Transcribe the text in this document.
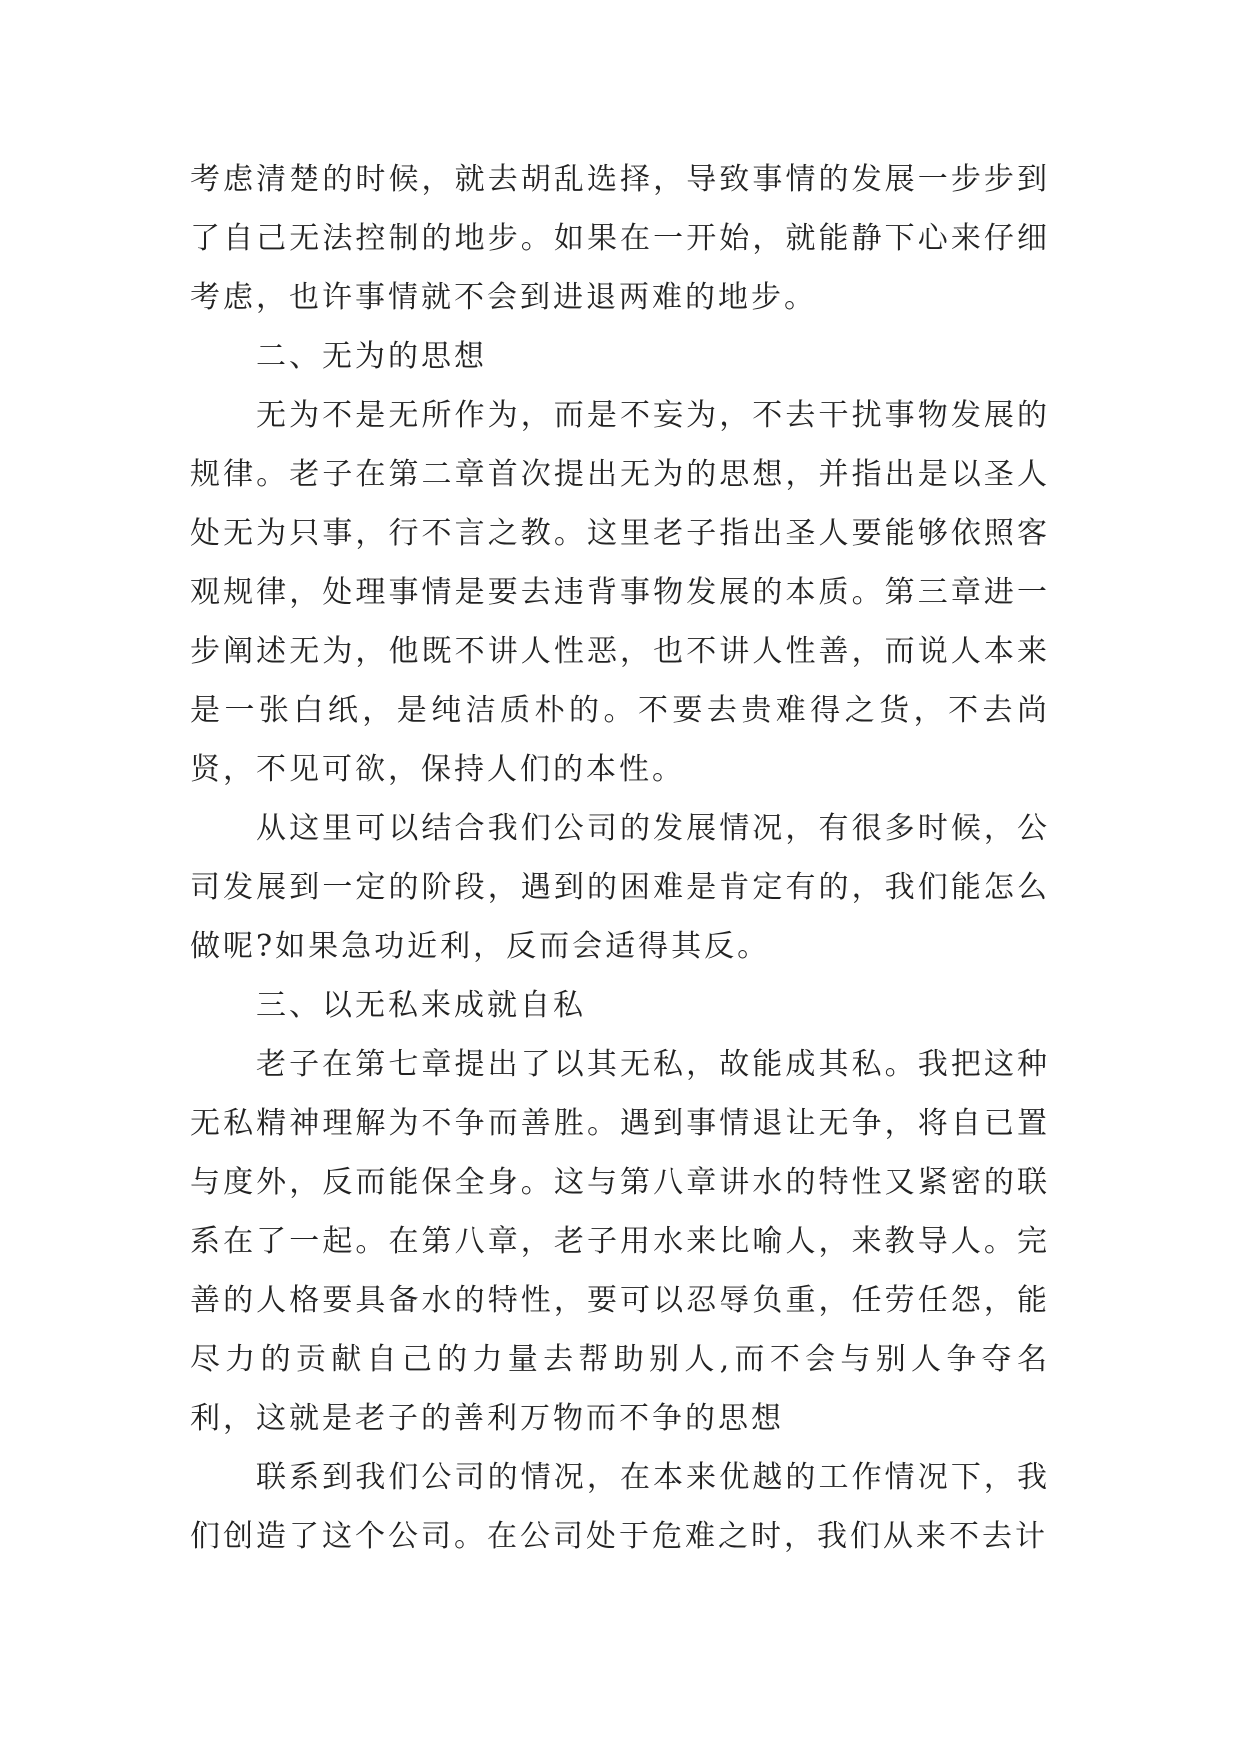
考虑清楚的时候，就去胡乱选择，导致事情的发展一步步到了自己无法控制的地步。如果在一开始，就能静下心来仔细考虑，也许事情就不会到进退两难的地步。

二、无为的思想

无为不是无所作为，而是不妄为，不去干扰事物发展的规律。老子在第二章首次提出无为的思想，并指出是以圣人处无为只事，行不言之教。这里老子指出圣人要能够依照客观规律，处理事情是要去违背事物发展的本质。第三章进一步阐述无为，他既不讲人性恶，也不讲人性善，而说人本来是一张白纸，是纯洁质朴的。不要去贵难得之货，不去尚贤，不见可欲，保持人们的本性。

从这里可以结合我们公司的发展情况，有很多时候，公司发展到一定的阶段，遇到的困难是肯定有的，我们能怎么做呢?如果急功近利，反而会适得其反。

三、以无私来成就自私

老子在第七章提出了以其无私，故能成其私。我把这种无私精神理解为不争而善胜。遇到事情退让无争，将自已置与度外，反而能保全身。这与第八章讲水的特性又紧密的联系在了一起。在第八章，老子用水来比喻人，来教导人。完善的人格要具备水的特性，要可以忍辱负重，任劳任怨，能尽力的贡献自己的力量去帮助别人,而不会与别人争夺名利，这就是老子的善利万物而不争的思想

联系到我们公司的情况，在本来优越的工作情况下，我们创造了这个公司。在公司处于危难之时，我们从来不去计
